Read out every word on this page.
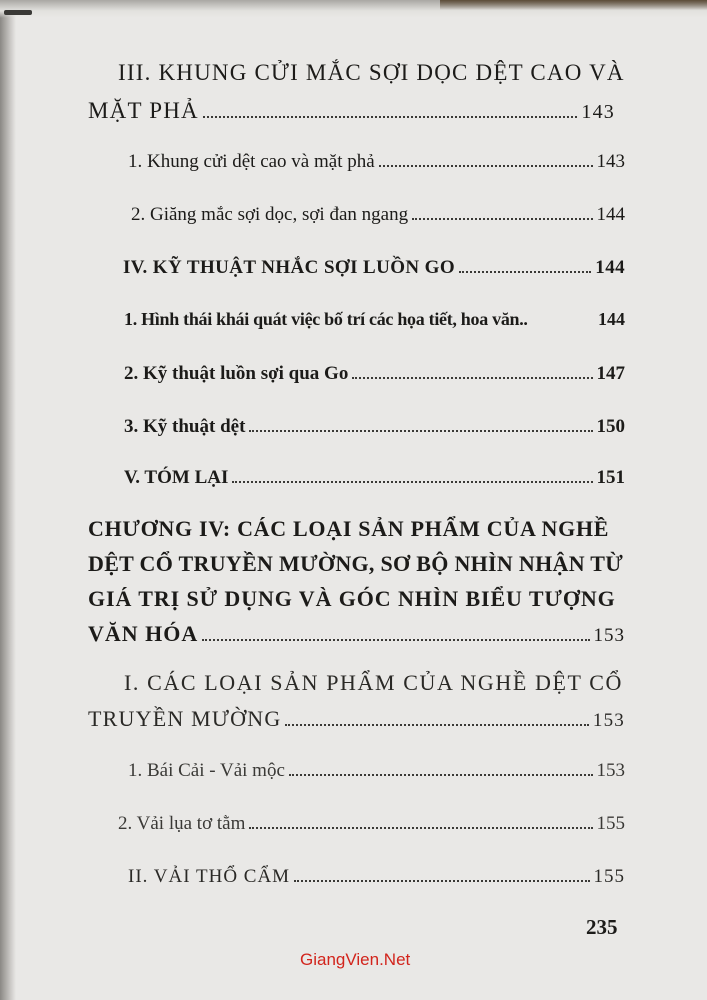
III. KHUNG CỬI MẮC SỢI DỌC DỆT CAO VÀ
MẶT PHẢ	143
1. Khung cửi dệt cao và mặt phả	143
2. Giăng mắc sợi dọc, sợi đan ngang	144
IV. KỸ THUẬT NHẮC SỢI LUỒN GO	144
1. Hình thái khái quát việc bố trí các họa tiết, hoa văn..	144
2. Kỹ thuật luồn sợi qua Go	147
3. Kỹ thuật dệt	150
V. TÓM LẠI	151
CHƯƠNG IV: CÁC LOẠI SẢN PHẨM CỦA NGHỀ
DỆT CỔ TRUYỀN MƯỜNG, SƠ BỘ NHÌN NHẬN TỪ
GIÁ TRỊ SỬ DỤNG VÀ GÓC NHÌN BIỂU TƯỢNG
VĂN HÓA	153
I. CÁC LOẠI SẢN PHẨM CỦA NGHỀ DỆT CỔ
TRUYỀN MƯỜNG	153
1. Bái Cải - Vải mộc	153
2. Vải lụa tơ tằm	155
II. VẢI THỔ CẨM	155
235
GiangVien.Net
